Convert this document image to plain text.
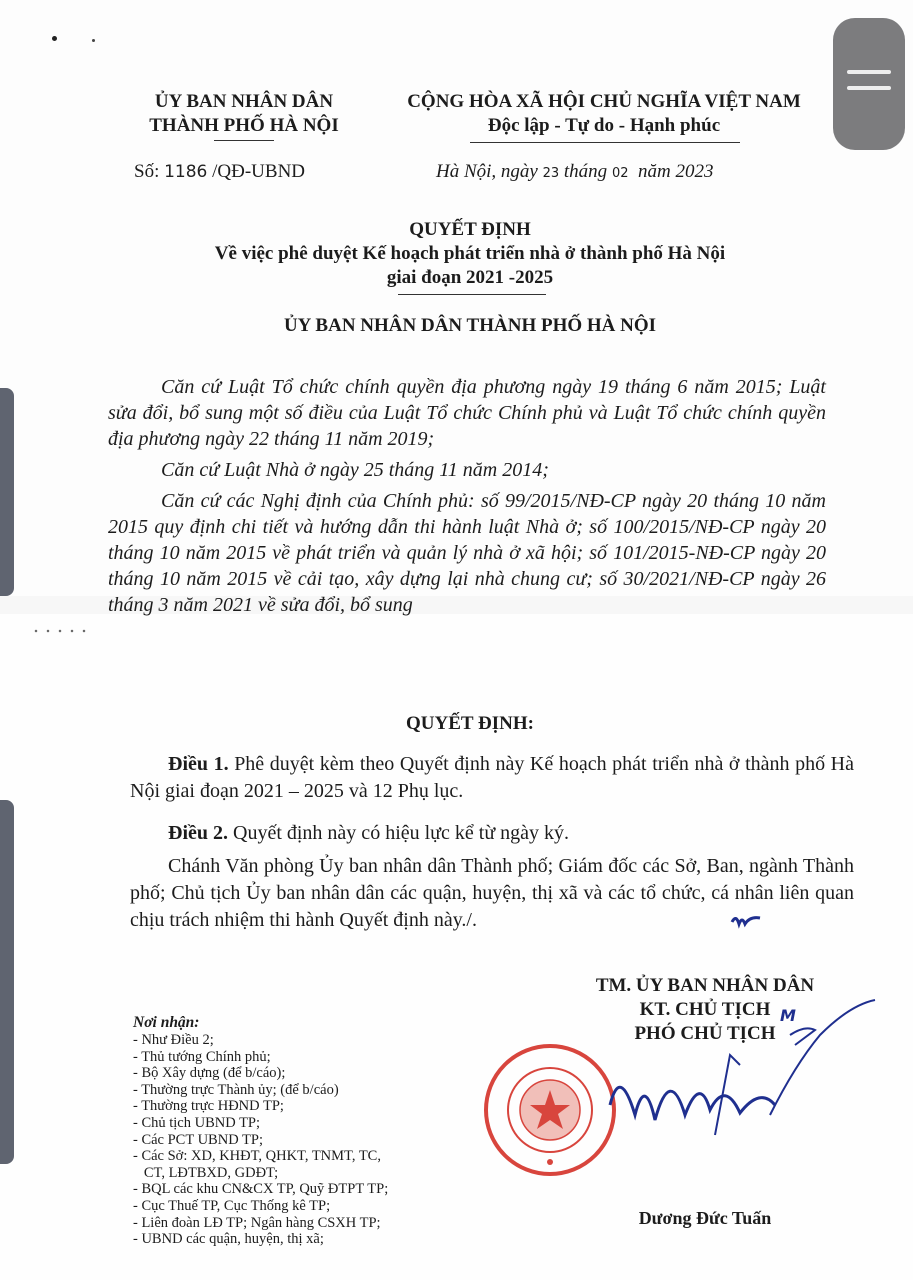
ỦY BAN NHÂN DÂN
THÀNH PHỐ HÀ NỘI
CỘNG HÒA XÃ HỘI CHỦ NGHĨA VIỆT NAM
Độc lập - Tự do - Hạnh phúc
Số: 1186 /QĐ-UBND	Hà Nội, ngày 23 tháng 02 năm 2023
QUYẾT ĐỊNH
Về việc phê duyệt Kế hoạch phát triển nhà ở thành phố Hà Nội
giai đoạn 2021 -2025
ỦY BAN NHÂN DÂN THÀNH PHỐ HÀ NỘI
Căn cứ Luật Tổ chức chính quyền địa phương ngày 19 tháng 6 năm 2015; Luật sửa đổi, bổ sung một số điều của Luật Tổ chức Chính phủ và Luật Tổ chức chính quyền địa phương ngày 22 tháng 11 năm 2019;
Căn cứ Luật Nhà ở ngày 25 tháng 11 năm 2014;
Căn cứ các Nghị định của Chính phủ: số 99/2015/NĐ-CP ngày 20 tháng 10 năm 2015 quy định chi tiết và hướng dẫn thi hành luật Nhà ở; số 100/2015/NĐ-CP ngày 20 tháng 10 năm 2015 về phát triển và quản lý nhà ở xã hội; số 101/2015-NĐ-CP ngày 20 tháng 10 năm 2015 về cải tạo, xây dựng lại nhà chung cư; số 30/2021/NĐ-CP ngày 26 tháng 3 năm 2021 về sửa đổi, bổ sung
QUYẾT ĐỊNH:
Điều 1. Phê duyệt kèm theo Quyết định này Kế hoạch phát triển nhà ở thành phố Hà Nội giai đoạn 2021 – 2025 và 12 Phụ lục.
Điều 2. Quyết định này có hiệu lực kể từ ngày ký.
Chánh Văn phòng Ủy ban nhân dân Thành phố; Giám đốc các Sở, Ban, ngành Thành phố; Chủ tịch Ủy ban nhân dân các quận, huyện, thị xã và các tổ chức, cá nhân liên quan chịu trách nhiệm thi hành Quyết định này./.
Nơi nhận:
- Như Điều 2;
- Thủ tướng Chính phủ;
- Bộ Xây dựng (để b/cáo);
- Thường trực Thành ủy; (để b/cáo)
- Thường trực HĐND TP;
- Chủ tịch UBND TP;
- Các PCT UBND TP;
- Các Sở: XD, KHĐT, QHKT, TNMT, TC,
CT, LĐTBXD, GDĐT;
- BQL các khu CN&CX TP, Quỹ ĐTPT TP;
- Cục Thuế TP, Cục Thống kê TP;
- Liên đoàn LĐ TP; Ngân hàng CSXH TP;
- UBND các quận, huyện, thị xã;
TM. ỦY BAN NHÂN DÂN
KT. CHỦ TỊCH
PHÓ CHỦ TỊCH
M
Dương Đức Tuấn
